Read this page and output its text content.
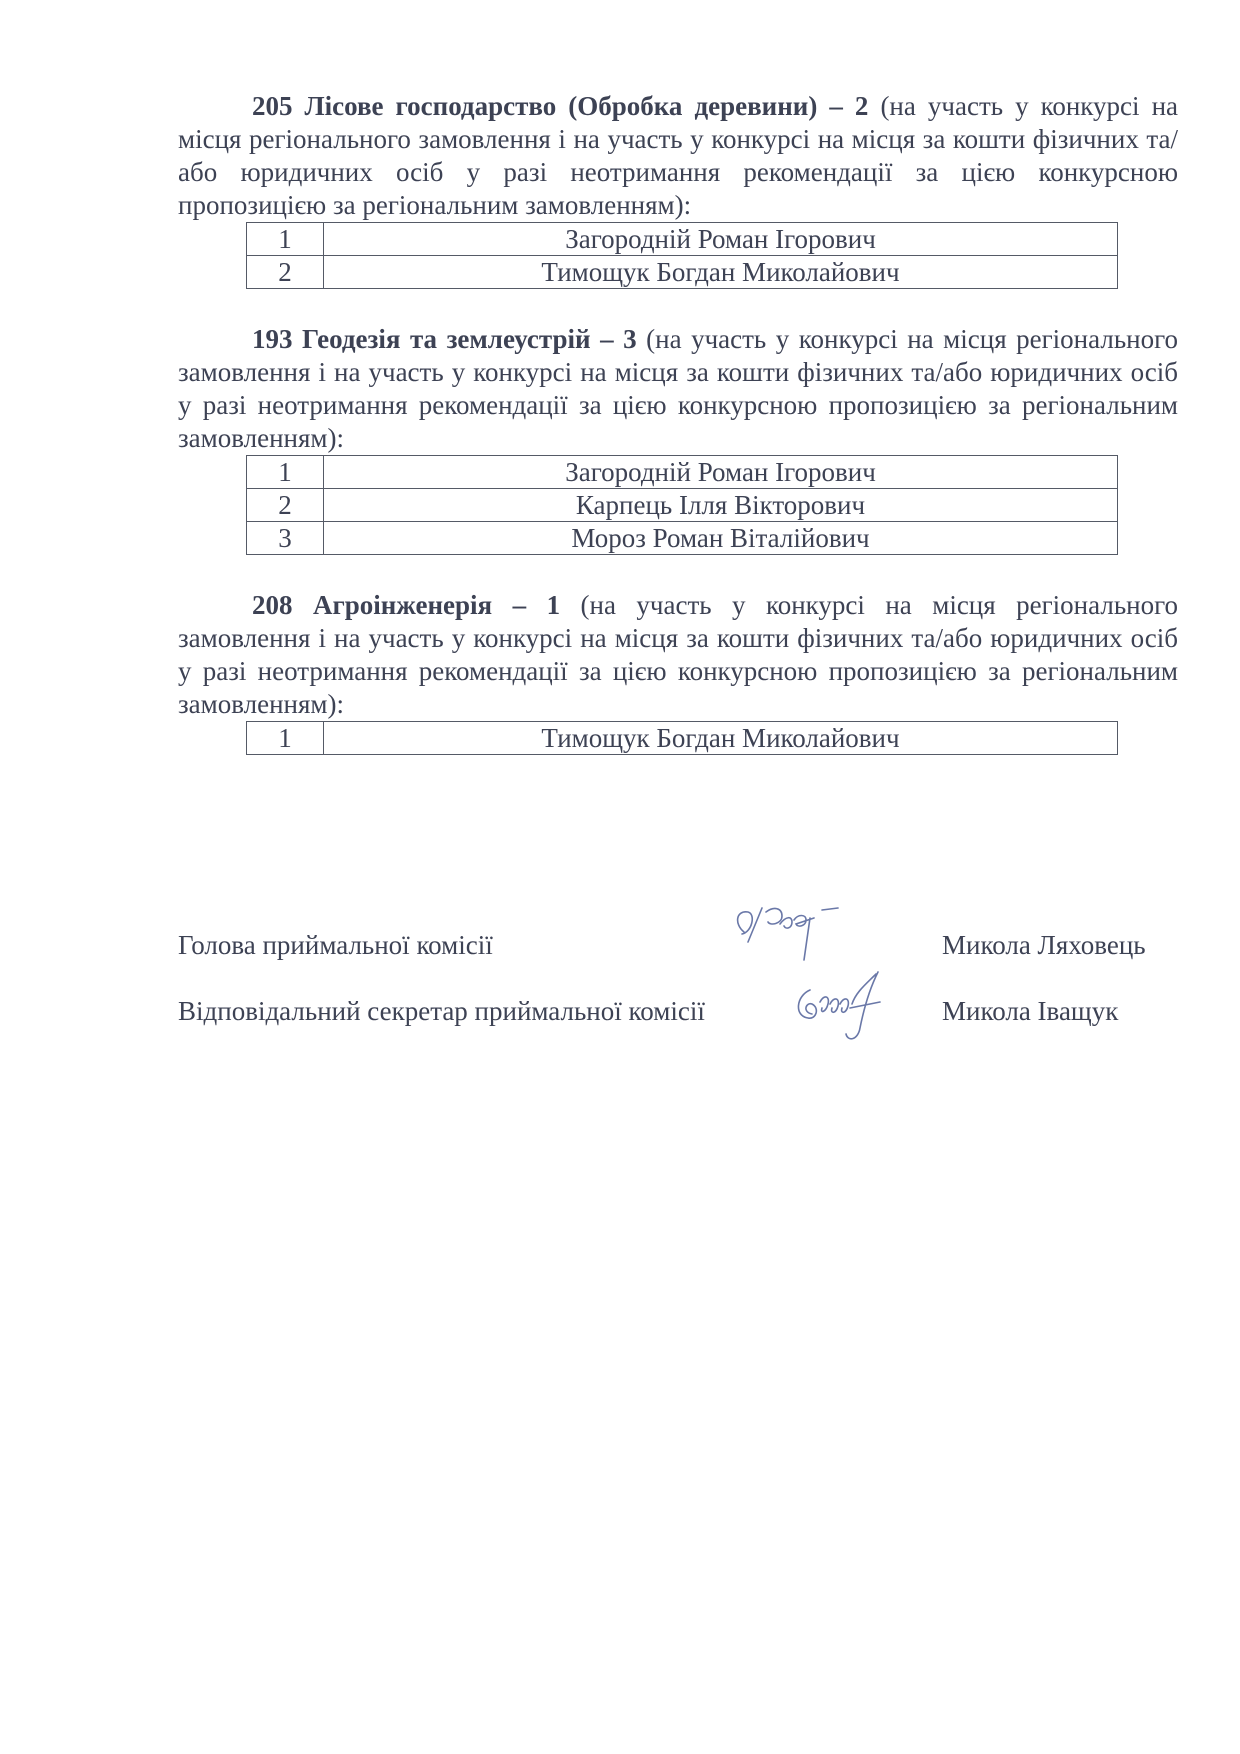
205 Лісове господарство (Обробка деревини) – 2 (на участь у конкурсі на місця регіонального замовлення і на участь у конкурсі на місця за кошти фізичних та/або юридичних осіб у разі неотримання рекомендації за цією конкурсною пропозицією за регіональним замовленням):

1	Загородній Роман Ігорович
2	Тимощук Богдан Миколайович

193 Геодезія та землеустрій – 3 (на участь у конкурсі на місця регіонального замовлення і на участь у конкурсі на місця за кошти фізичних та/або юридичних осіб у разі неотримання рекомендації за цією конкурсною пропозицією за регіональним замовленням):

1	Загородній Роман Ігорович
2	Карпець Ілля Вікторович
3	Мороз Роман Віталійович

208 Агроінженерія – 1 (на участь у конкурсі на місця регіонального замовлення і на участь у конкурсі на місця за кошти фізичних та/або юридичних осіб у разі неотримання рекомендації за цією конкурсною пропозицією за регіональним замовленням):

1	Тимощук Богдан Миколайович
Голова приймальної комісії	Микола Ляховець
Відповідальний секретар приймальної комісії	Микола Іващук
